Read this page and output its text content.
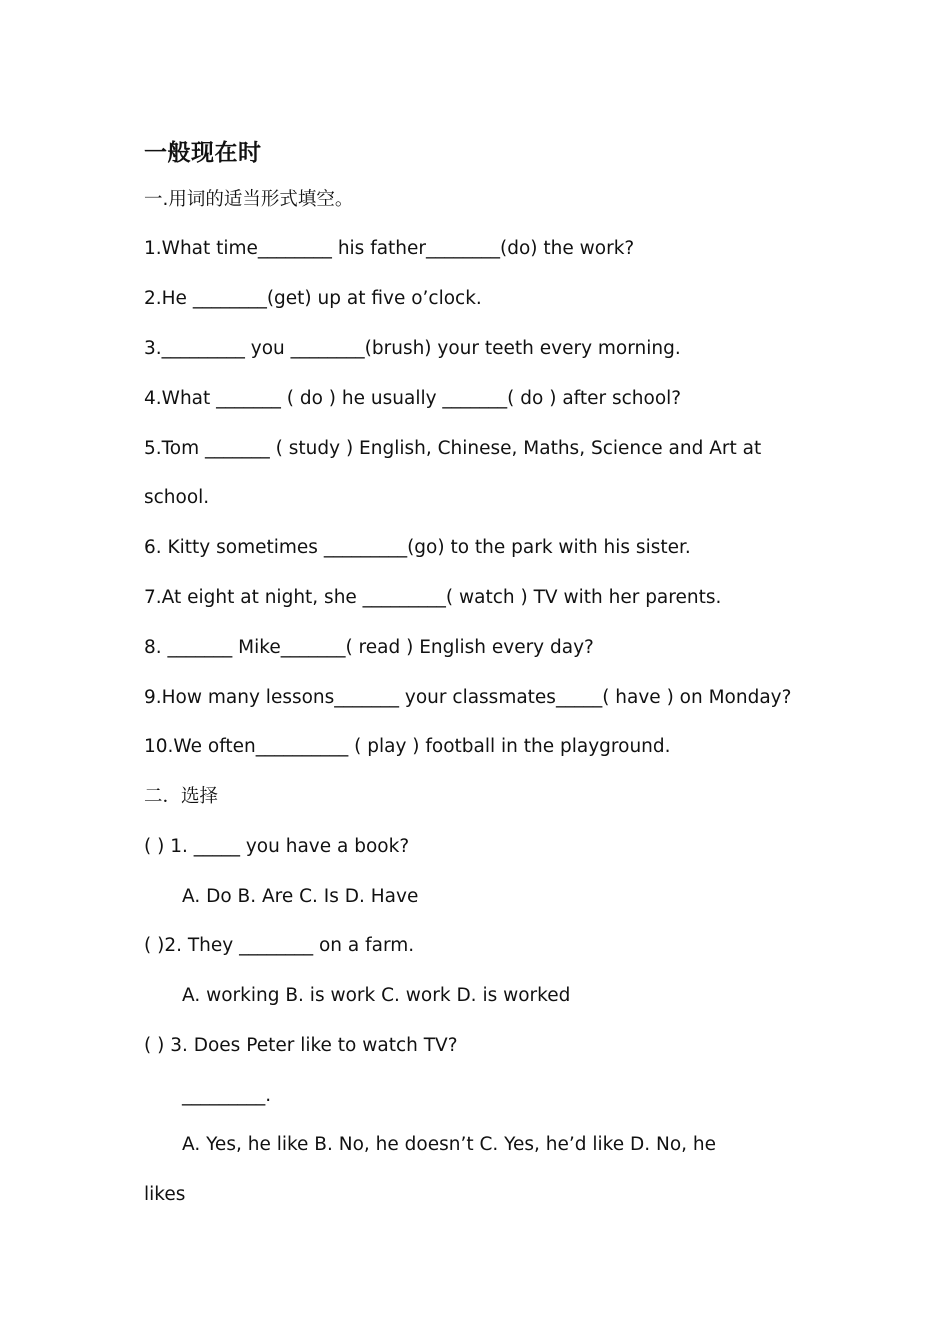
一般现在时
一.用词的适当形式填空。
1.What time________ his father________(do) the work?
2.He ________(get) up at five o’clock.
3._________ you ________(brush) your teeth every morning.
4.What _______ ( do ) he usually _______( do ) after school?
5.Tom _______ ( study ) English, Chinese, Maths, Science and Art at
school.
6. Kitty sometimes _________(go) to the park with his sister.
7.At eight at night, she _________( watch ) TV with her parents.
8. _______ Mike_______( read ) English every day?
9.How many lessons_______ your classmates_____( have ) on Monday?
10.We often__________ ( play ) football in the playground.
二．选择
( ) 1. _____ you have a book?
A. Do B. Are C. Is D. Have
( )2. They ________ on a farm.
A. working B. is work C. work D. is worked
( ) 3. Does Peter like to watch TV?
_________.
A. Yes, he like B. No, he doesn’t C. Yes, he’d like D. No, he
likes
